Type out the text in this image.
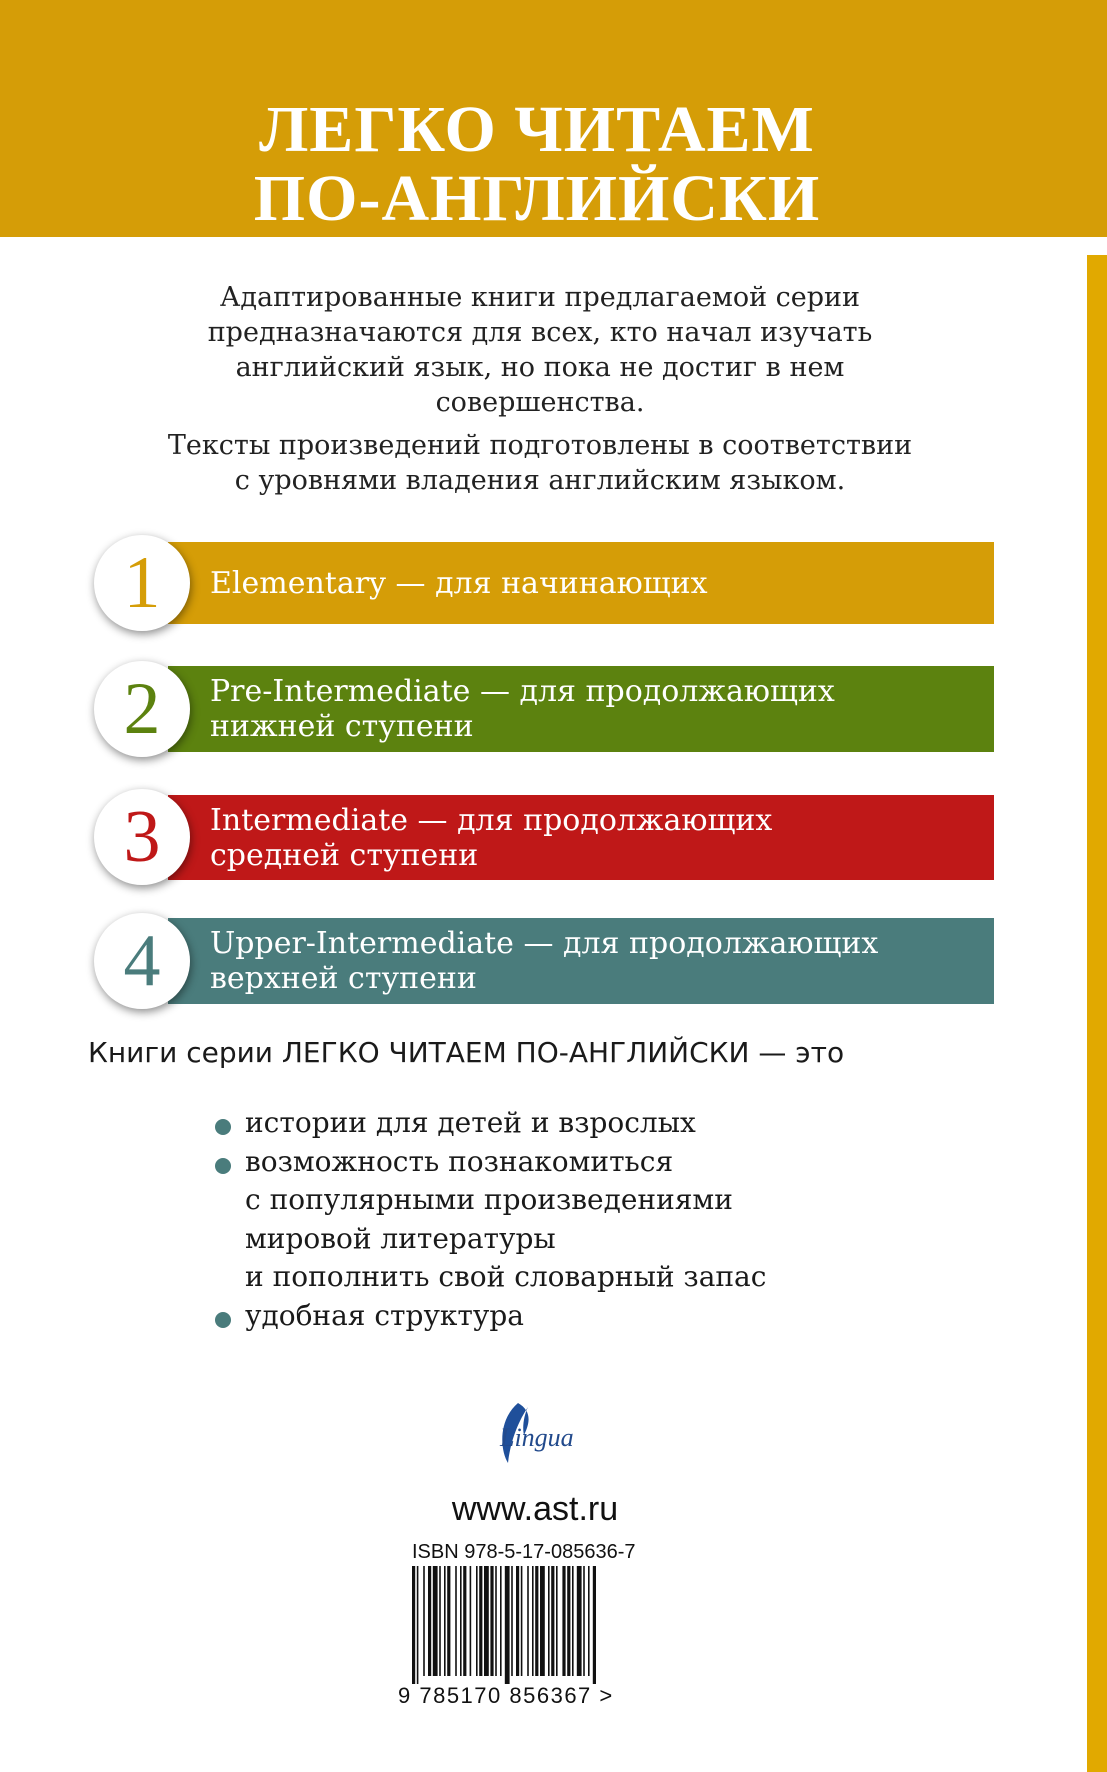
ЛЕГКО ЧИТАЕМ
ПО-АНГЛИЙСКИ
Адаптированные книги предлагаемой серии
предназначаются для всех, кто начал изучать
английский язык, но пока не достиг в нем
совершенства.
Тексты произведений подготовлены в соответствии
с уровнями владения английским языком.
Elementary — для начинающих
1
Pre-Intermediate — для продолжающих
нижней ступени
2
Intermediate — для продолжающих
средней ступени
3
Upper-Intermediate — для продолжающих
верхней ступени
4
Книги серии ЛЕГКО ЧИТАЕМ ПО-АНГЛИЙСКИ — это
истории для детей и взрослых
возможность познакомиться
с популярными произведениями
мировой литературы
и пополнить свой словарный запас
удобная структура
Lingua
www.ast.ru
ISBN 978-5-17-085636-7
9 785170 856367 >
